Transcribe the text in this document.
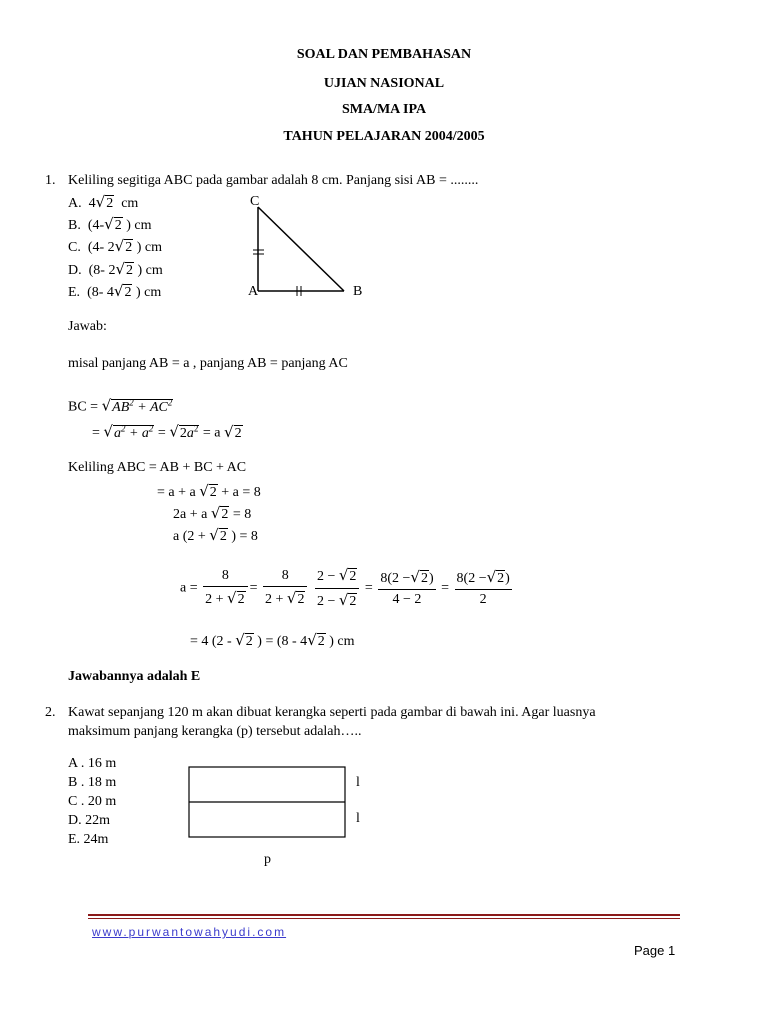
SOAL DAN PEMBAHASAN
UJIAN NASIONAL
SMA/MA IPA
TAHUN PELAJARAN 2004/2005
1. Keliling segitiga ABC pada gambar adalah 8 cm. Panjang sisi AB = ........
A. 4√2 cm
B. (4-√2 ) cm
C. (4- 2√2 ) cm
D. (8- 2√2 ) cm
E. (8- 4√2 ) cm
C
A	B
Jawab:
misal panjang AB = a , panjang AB = panjang AC
BC = $√AB^2 + AC^2$
= $√a^2 + a^2 = √2a^2 = a$ √2
Keliling ABC = AB + BC + AC
= a + a √2 + a = 8
2a + a √2 = 8
a (2 + √2 ) = 8
$a = \frac{8}{2 + √2} = \frac{8}{2 + √2}$
$\frac{2 - √2}{2 - √2} = \frac{8(2 -√2)}{4 - 2} = \frac{8(2 -√2)}{2}$
= 4 (2 - √2 ) = (8 - 4√2 ) cm
Jawabannya adalah E
2. Kawat sepanjang 120 m akan dibuat kerangka seperti pada gambar di bawah ini. Agar luasnya
maksimum panjang kerangka (p) tersebut adalah…..
A . 16 m
B . 18 m
C . 20 m
D. 22m
E. 24m
l
l
p
www.purwantowahyudi.com
Page 1
